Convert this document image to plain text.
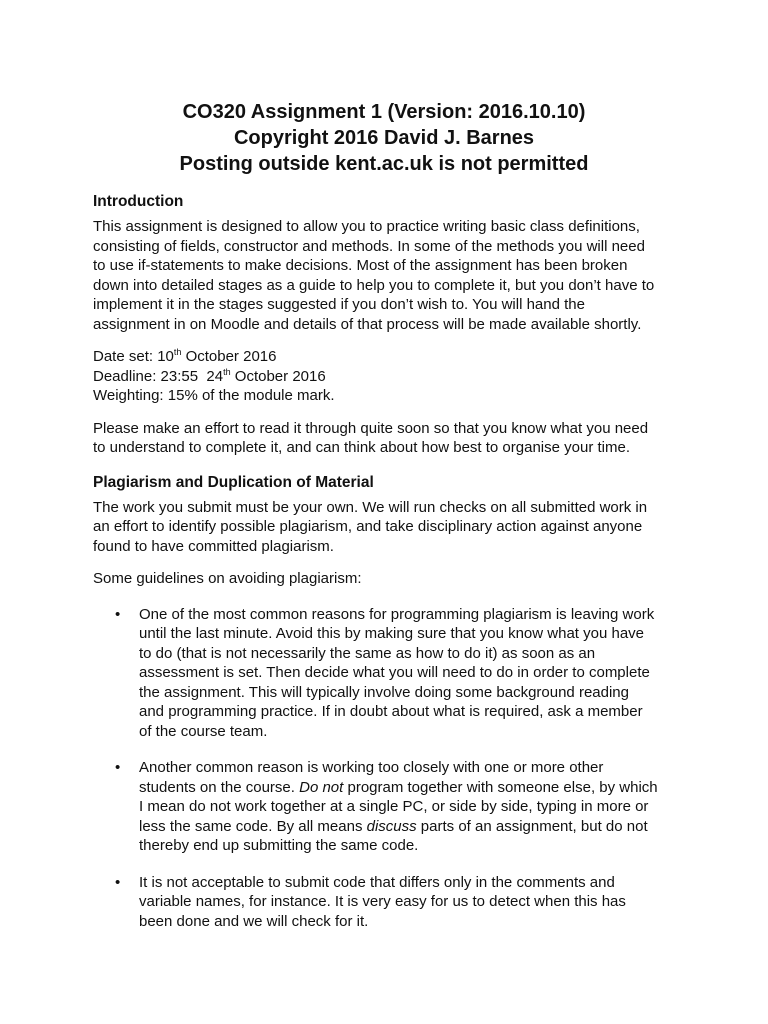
CO320 Assignment 1 (Version: 2016.10.10)
Copyright 2016 David J. Barnes
Posting outside kent.ac.uk is not permitted
Introduction

This assignment is designed to allow you to practice writing basic class definitions,
consisting of fields, constructor and methods. In some of the methods you will need
to use if-statements to make decisions. Most of the assignment has been broken
down into detailed stages as a guide to help you to complete it, but you don’t have to
implement it in the stages suggested if you don’t wish to. You will hand the
assignment in on Moodle and details of that process will be made available shortly.

Date set: 10th October 2016
Deadline: 23:55  24th October 2016
Weighting: 15% of the module mark.

Please make an effort to read it through quite soon so that you know what you need
to understand to complete it, and can think about how best to organise your time.

Plagiarism and Duplication of Material

The work you submit must be your own. We will run checks on all submitted work in
an effort to identify possible plagiarism, and take disciplinary action against anyone
found to have committed plagiarism.

Some guidelines on avoiding plagiarism:

• One of the most common reasons for programming plagiarism is leaving work
until the last minute. Avoid this by making sure that you know what you have
to do (that is not necessarily the same as how to do it) as soon as an
assessment is set. Then decide what you will need to do in order to complete
the assignment. This will typically involve doing some background reading
and programming practice. If in doubt about what is required, ask a member
of the course team.
• Another common reason is working too closely with one or more other
students on the course. Do not program together with someone else, by which
I mean do not work together at a single PC, or side by side, typing in more or
less the same code. By all means discuss parts of an assignment, but do not
thereby end up submitting the same code.
• It is not acceptable to submit code that differs only in the comments and
variable names, for instance. It is very easy for us to detect when this has
been done and we will check for it.
